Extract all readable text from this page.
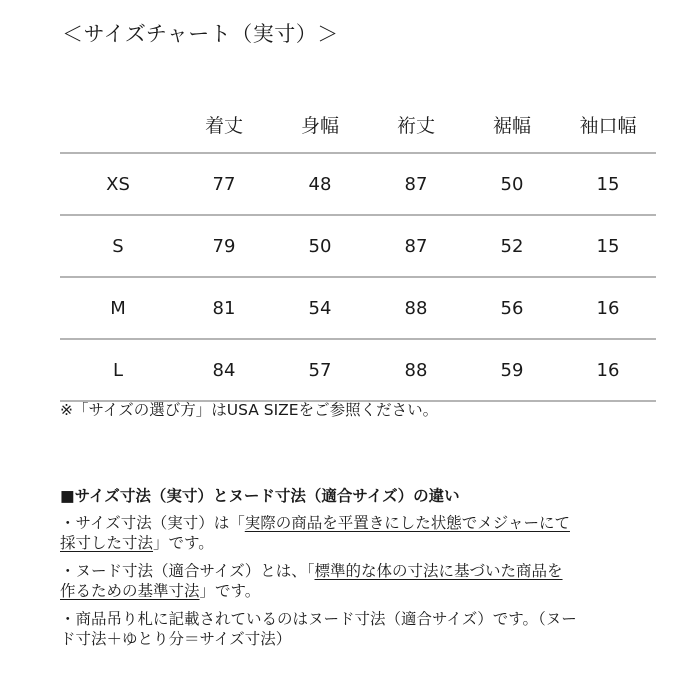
＜サイズチャート（実寸）＞
	着丈	身幅	裄丈	裾幅	袖口幅
XS	77	48	87	50	15
S	79	50	87	52	15
M	81	54	88	56	16
L	84	57	88	59	16
※「サイズの選び方」はUSA SIZEをご参照ください。
■サイズ寸法（実寸）とヌード寸法（適合サイズ）の違い
・サイズ寸法（実寸）は「実際の商品を平置きにした状態でメジャーにて
採寸した寸法」です。
・ヌード寸法（適合サイズ）とは、「標準的な体の寸法に基づいた商品を
作るための基準寸法」です。
・商品吊り札に記載されているのはヌード寸法（適合サイズ）です。（ヌー
ド寸法＋ゆとり分＝サイズ寸法）
